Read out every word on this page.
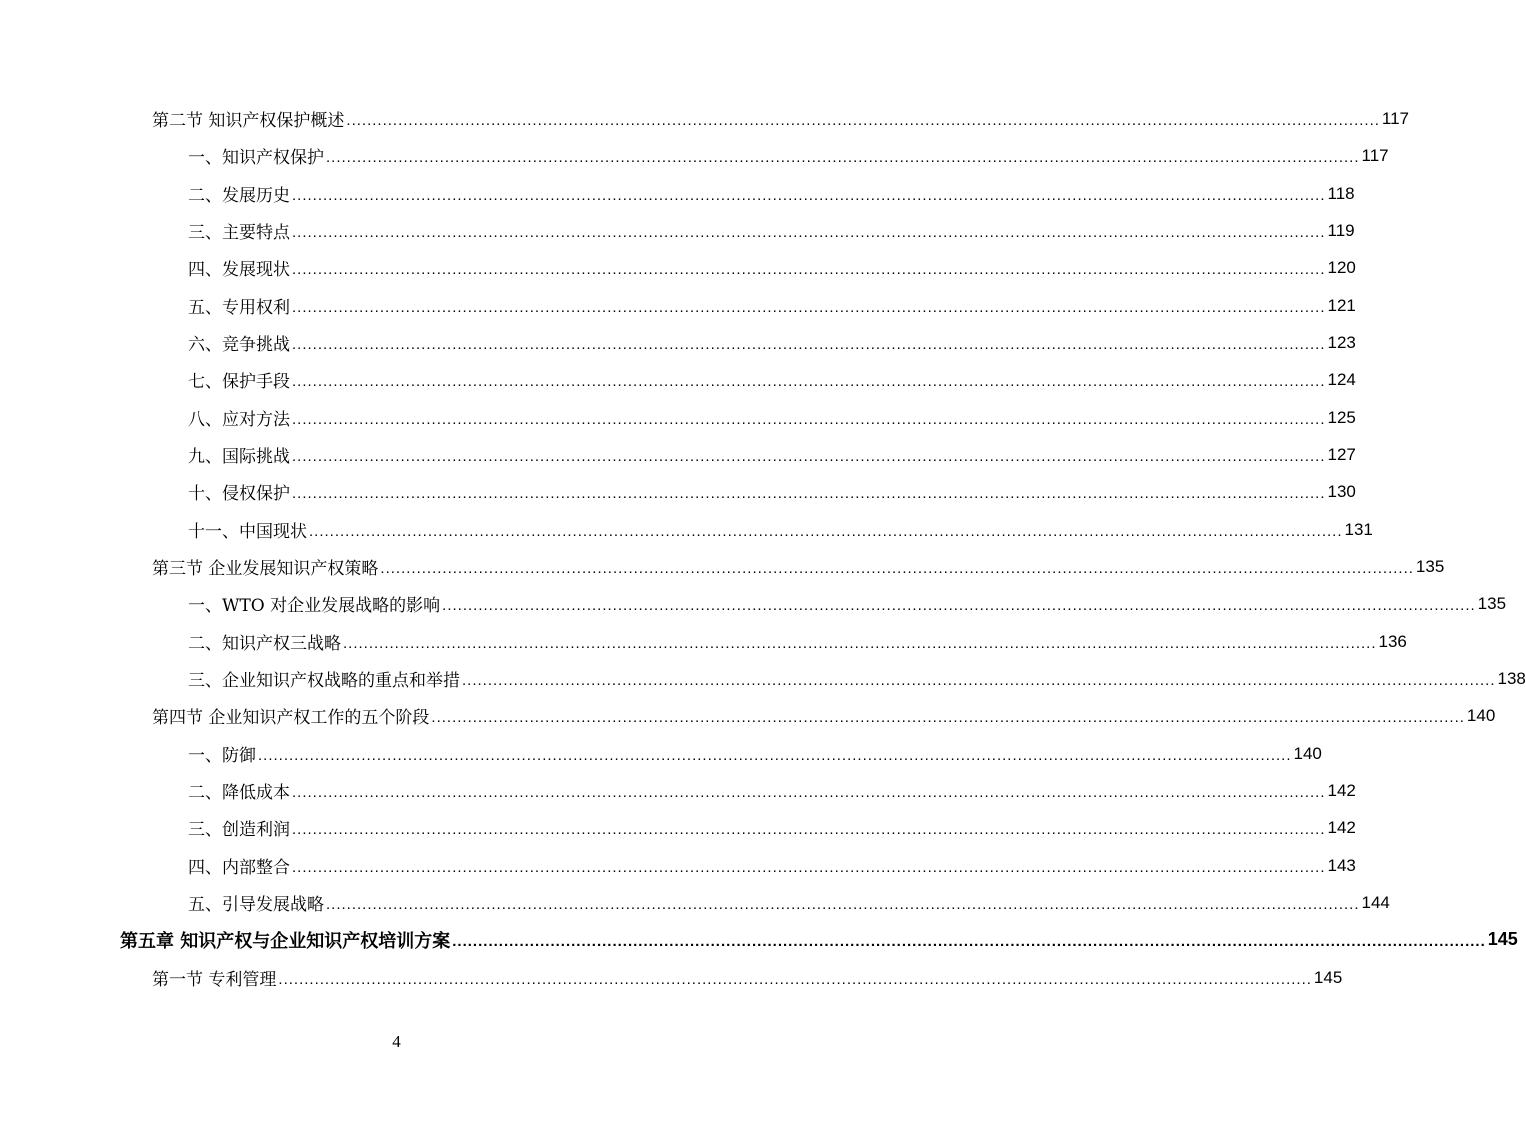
第二节 知识产权保护概述 ........................................................................................................................................................................................................ 117
一、知识产权保护 ........................................................................................................................................................................................................ 117
二、发展历史 ........................................................................................................................................................................................................ 118
三、主要特点 ........................................................................................................................................................................................................ 119
四、发展现状 ........................................................................................................................................................................................................ 120
五、专用权利 ........................................................................................................................................................................................................ 121
六、竞争挑战 ........................................................................................................................................................................................................ 123
七、保护手段 ........................................................................................................................................................................................................ 124
八、应对方法 ........................................................................................................................................................................................................ 125
九、国际挑战 ........................................................................................................................................................................................................ 127
十、侵权保护 ........................................................................................................................................................................................................ 130
十一、中国现状 ........................................................................................................................................................................................................ 131
第三节 企业发展知识产权策略 ........................................................................................................................................................................................................ 135
一、WTO 对企业发展战略的影响 ........................................................................................................................................................................................................ 135
二、知识产权三战略 ........................................................................................................................................................................................................ 136
三、企业知识产权战略的重点和举措 ........................................................................................................................................................................................................ 138
第四节 企业知识产权工作的五个阶段 ........................................................................................................................................................................................................ 140
一、防御 ........................................................................................................................................................................................................ 140
二、降低成本 ........................................................................................................................................................................................................ 142
三、创造利润 ........................................................................................................................................................................................................ 142
四、内部整合 ........................................................................................................................................................................................................ 143
五、引导发展战略 ........................................................................................................................................................................................................ 144
第五章 知识产权与企业知识产权培训方案 ........................................................................................................................................................................................................ 145
第一节 专利管理 ........................................................................................................................................................................................................ 145
4
